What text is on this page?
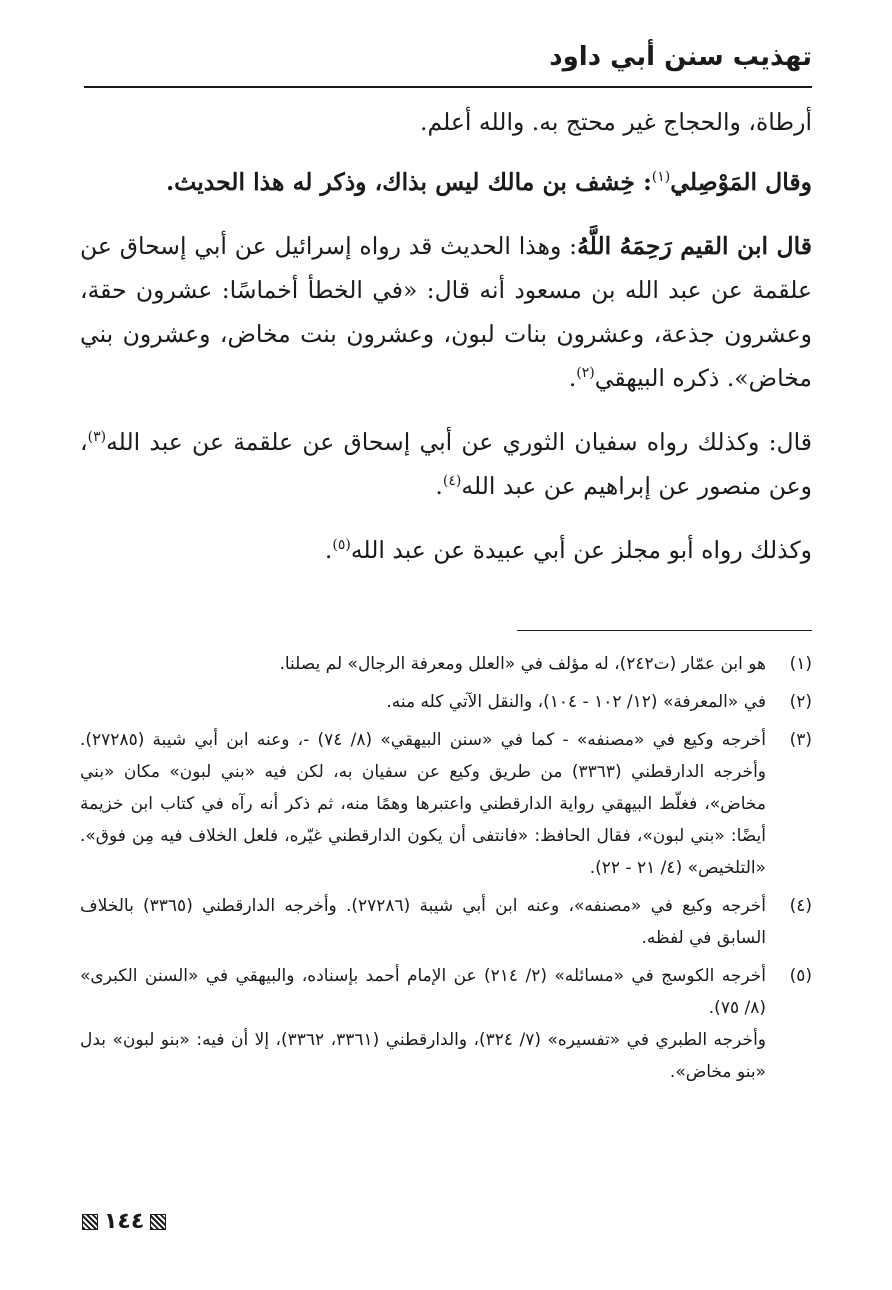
تهذيب سنن أبي داود

أرطاة، والحجاج غير محتج به. والله أعلم.

وقال المَوْصِلي$^{(١)}$: خِشف بن مالك ليس بذاك، وذكر له هذا الحديث.

قال ابن القيم رَحِمَهُ اللَّهُ: وهذا الحديث قد رواه إسرائيل عن أبي إسحاق عن علقمة عن عبد الله بن مسعود أنه قال: «في الخطأ أخماسًا: عشرون حقة، وعشرون جذعة، وعشرون بنات لبون، وعشرون بنت مخاض، وعشرون بني مخاض». ذكره البيهقي$^{(٢)}$.

قال: وكذلك رواه سفيان الثوري عن أبي إسحاق عن علقمة عن عبد الله$^{(٣)}$، وعن منصور عن إبراهيم عن عبد الله$^{(٤)}$.

وكذلك رواه أبو مجلز عن أبي عبيدة عن عبد الله$^{(٥)}$.

(١)

هو ابن عمّار (ت٢٤٢)، له مؤلف في «العلل ومعرفة الرجال» لم يصلنا.

(٢)

في «المعرفة» (١٢/ ١٠٢ - ١٠٤)، والنقل الآتي كله منه.

(٣)

أخرجه وكيع في «مصنفه» - كما في «سنن البيهقي» (٨/ ٧٤) -، وعنه ابن أبي شيبة (٢٧٢٨٥). وأخرجه الدارقطني (٣٣٦٣) من طريق وكيع عن سفيان به، لكن فيه «بني لبون» مكان «بني مخاض»، فغلّط البيهقي رواية الدارقطني واعتبرها وهمًا منه، ثم ذكر أنه رآه في كتاب ابن خزيمة أيضًا: «بني لبون»، فقال الحافظ: «فانتفى أن يكون الدارقطني غيّره، فلعل الخلاف فيه مِن فوق». «التلخيص» (٤/ ٢١ - ٢٢).

(٤)

أخرجه وكيع في «مصنفه»، وعنه ابن أبي شيبة (٢٧٢٨٦). وأخرجه الدارقطني (٣٣٦٥) بالخلاف السابق في لفظه.

(٥)

أخرجه الكوسج في «مسائله» (٢/ ٢١٤) عن الإمام أحمد بإسناده، والبيهقي في «السنن الكبرى» (٨/ ٧٥).

وأخرجه الطبري في «تفسيره» (٧/ ٣٢٤)، والدارقطني (٣٣٦١، ٣٣٦٢)، إلا أن فيه: «بنو لبون» بدل «بنو مخاض».

١٤٤
